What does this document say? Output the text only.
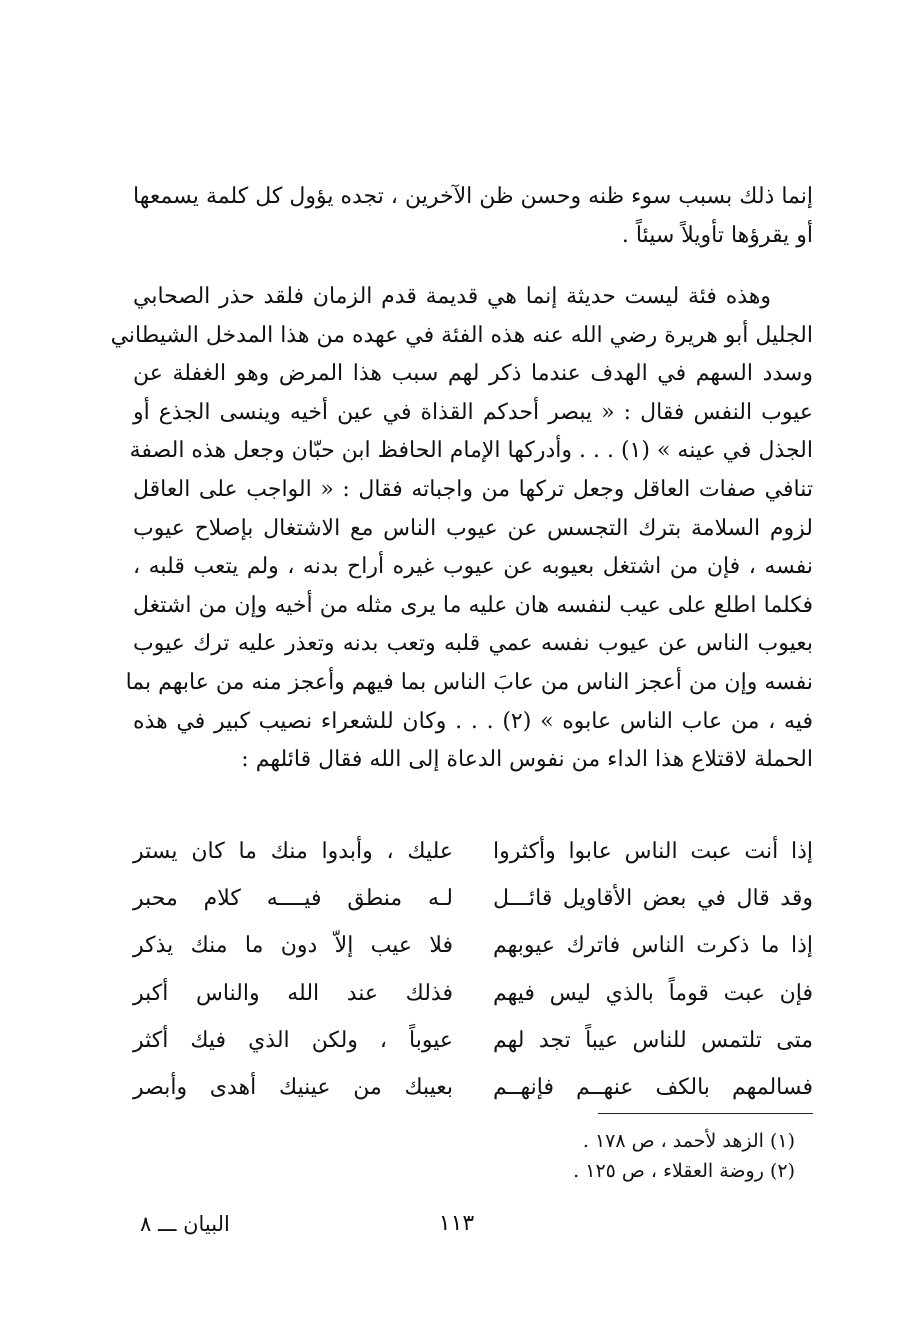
إنما ذلك بسبب سوء ظنه وحسن ظن الآخرين ، تجده يؤول كل كلمة يسمعها
أو يقرؤها تأويلاً سيئاً .
وهذه فئة ليست حديثة إنما هي قديمة قدم الزمان فلقد حذر الصحابي
الجليل أبو هريرة رضي الله عنه هذه الفئة في عهده من هذا المدخل الشيطاني
وسدد السهم في الهدف عندما ذكر لهم سبب هذا المرض وهو الغفلة عن
عيوب النفس فقال : « يبصر أحدكم القذاة في عين أخيه وينسى الجذع أو
الجذل في عينه » (١) . . . وأدركها الإمام الحافظ ابن حبّان وجعل هذه الصفة
تنافي صفات العاقل وجعل تركها من واجباته فقال : « الواجب على العاقل
لزوم السلامة بترك التجسس عن عيوب الناس مع الاشتغال بإصلاح عيوب
نفسه ، فإن من اشتغل بعيوبه عن عيوب غيره أراح بدنه ، ولم يتعب قلبه ،
فكلما اطلع على عيب لنفسه هان عليه ما يرى مثله من أخيه وإن من اشتغل
بعيوب الناس عن عيوب نفسه عمي قلبه وتعب بدنه وتعذر عليه ترك عيوب
نفسه وإن من أعجز الناس من عابَ الناس بما فيهم وأعجز منه من عابهم بما
فيه ، من عاب الناس عابوه » (٢) . . . وكان للشعراء نصيب كبير في هذه
الحملة لاقتلاع هذا الداء من نفوس الدعاة إلى الله فقال قائلهم :
إذا أنت عبت الناس عابوا وأكثروا
عليك ، وأبدوا منك ما كان يستر
وقد قال في بعض الأقاويل قائـــل
لـه منطق فيــــه كلام محبر
إذا ما ذكرت الناس فاترك عيوبهم
فلا عيب إلاّ دون ما منك يذكر
فإن عبت قوماً بالذي ليس فيهم
فذلك عند الله والناس أكبر
متى تلتمس للناس عيباً تجد لهم
عيوباً ، ولكن الذي فيك أكثر
فسالمهم بالكف عنهــم فإنهــم
بعيبك من عينيك أهدى وأبصر
(١) الزهد لأحمد ، ص ١٧٨ .
(٢) روضة العقلاء ، ص ١٢٥ .
١١٣
البيان ـــ ٨
